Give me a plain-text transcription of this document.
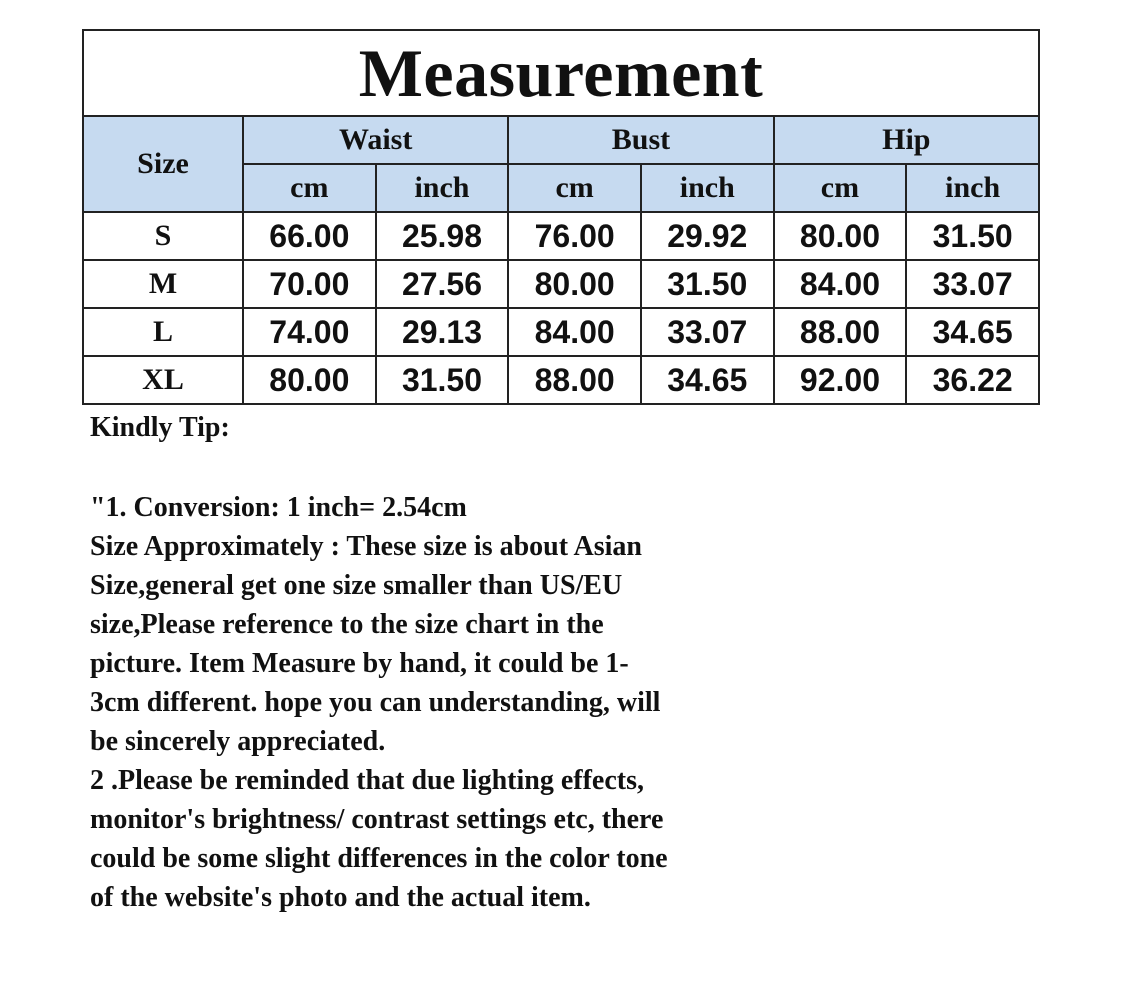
Measurement						
Size	Waist		Bust		Hip	
	cm	inch	cm	inch	cm	inch
S	66.00	25.98	76.00	29.92	80.00	31.50
M	70.00	27.56	80.00	31.50	84.00	33.07
L	74.00	29.13	84.00	33.07	88.00	34.65
XL	80.00	31.50	88.00	34.65	92.00	36.22

Kindly Tip:

"1. Conversion: 1 inch= 2.54cm
Size Approximately : These size is about Asian
Size,general get one size smaller than US/EU
size,Please reference to the size chart in the
picture. Item Measure by hand, it could be 1-
3cm different. hope you can understanding, will
be sincerely appreciated.
2 .Please be reminded that due lighting effects,
monitor's brightness/ contrast settings etc, there
could be some slight differences in the color tone
of the website's photo and the actual item.
